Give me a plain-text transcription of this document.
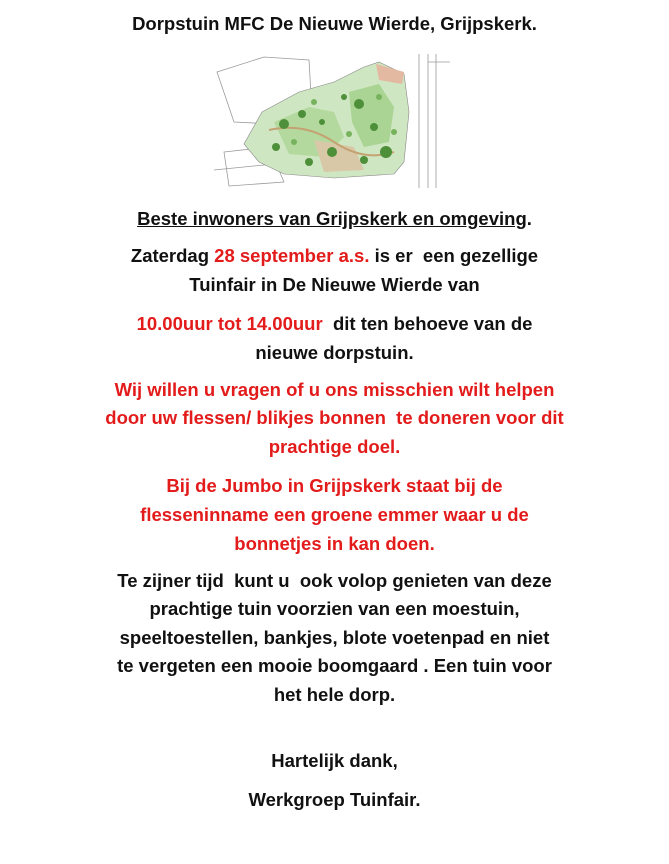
Dorpstuin MFC De Nieuwe Wierde, Grijpskerk.
Beste inwoners van Grijpskerk en omgeving.
Zaterdag 28 september a.s. is er  een gezellige
Tuinfair in De Nieuwe Wierde van
10.00uur tot 14.00uur  dit ten behoeve van de
nieuwe dorpstuin.
Wij willen u vragen of u ons misschien wilt helpen
door uw flessen/ blikjes bonnen  te doneren voor dit
prachtige doel.
Bij de Jumbo in Grijpskerk staat bij de
flesseninname een groene emmer waar u de
bonnetjes in kan doen.
Te zijner tijd  kunt u  ook volop genieten van deze
prachtige tuin voorzien van een moestuin,
speeltoestellen, bankjes, blote voetenpad en niet
te vergeten een mooie boomgaard . Een tuin voor
het hele dorp.
Hartelijk dank,
Werkgroep Tuinfair.
